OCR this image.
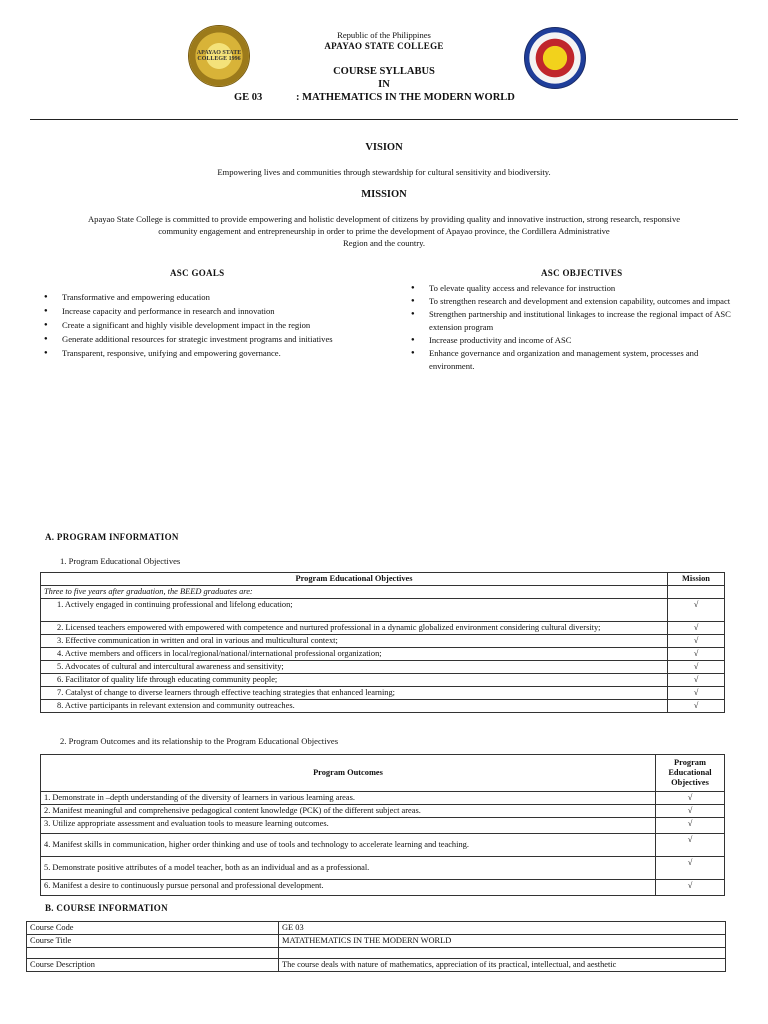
APAYAO STATE COLLEGE 1996
Republic of the Philippines
APAYAO STATE COLLEGE
COURSE SYLLABUS
IN
GE 03	: MATHEMATICS IN THE MODERN WORLD
VISION
Empowering lives and communities through stewardship for cultural sensitivity and biodiversity.
MISSION
Apayao State College is committed to provide empowering and holistic development of citizens by providing quality and innovative instruction, strong research, responsive
community engagement and entrepreneurship in order to prime the development of Apayao province, the Cordillera Administrative
Region and the country.
ASC GOALS
● Transformative and empowering education
● Increase capacity and performance in research and innovation
● Create a significant and highly visible development impact in the region
● Generate additional resources for strategic investment programs and initiatives
● Transparent, responsive, unifying and empowering governance.
ASC OBJECTIVES
● To elevate quality access and relevance for instruction
● To strengthen research and development and extension capability, outcomes and impact
● Strengthen partnership and institutional linkages to increase the regional impact of ASC extension program
● Increase productivity and income of ASC
● Enhance governance and organization and management system, processes and environment.
A. PROGRAM INFORMATION
1. Program Educational Objectives
Program Educational Objectives	Mission
Three to five years after graduation, the BEED graduates are:	
1. Actively engaged in continuing professional and lifelong education;	√
2. Licensed teachers empowered with empowered with competence and nurtured professional in a dynamic globalized environment considering cultural diversity;	√
3. Effective communication in written and oral in various and multicultural context;	√
4. Active members and officers in local/regional/national/international professional organization;	√
5. Advocates of cultural and intercultural awareness and sensitivity;	√
6. Facilitator of quality life through educating community people;	√
7. Catalyst of change to diverse learners through effective teaching strategies that enhanced learning;	√
8. Active participants in relevant extension and community outreaches.	√
2. Program Outcomes and its relationship to the Program Educational Objectives
Program Outcomes	Program Educational Objectives
1. Demonstrate in –depth understanding of the diversity of learners in various learning areas.	√
2. Manifest meaningful and comprehensive pedagogical content knowledge (PCK) of the different subject areas.	√
3. Utilize appropriate assessment and evaluation tools to measure learning outcomes.	√
4. Manifest skills in communication, higher order thinking and use of tools and technology to accelerate learning and teaching.	√
5. Demonstrate positive attributes of a model teacher, both as an individual and as a professional.	√
6. Manifest a desire to continuously pursue personal and professional development.	√
B. COURSE INFORMATION
Course Code	GE 03
Course Title	MATATHEMATICS IN THE MODERN WORLD

Course Description	The course deals with nature of mathematics, appreciation of its practical, intellectual, and aesthetic
